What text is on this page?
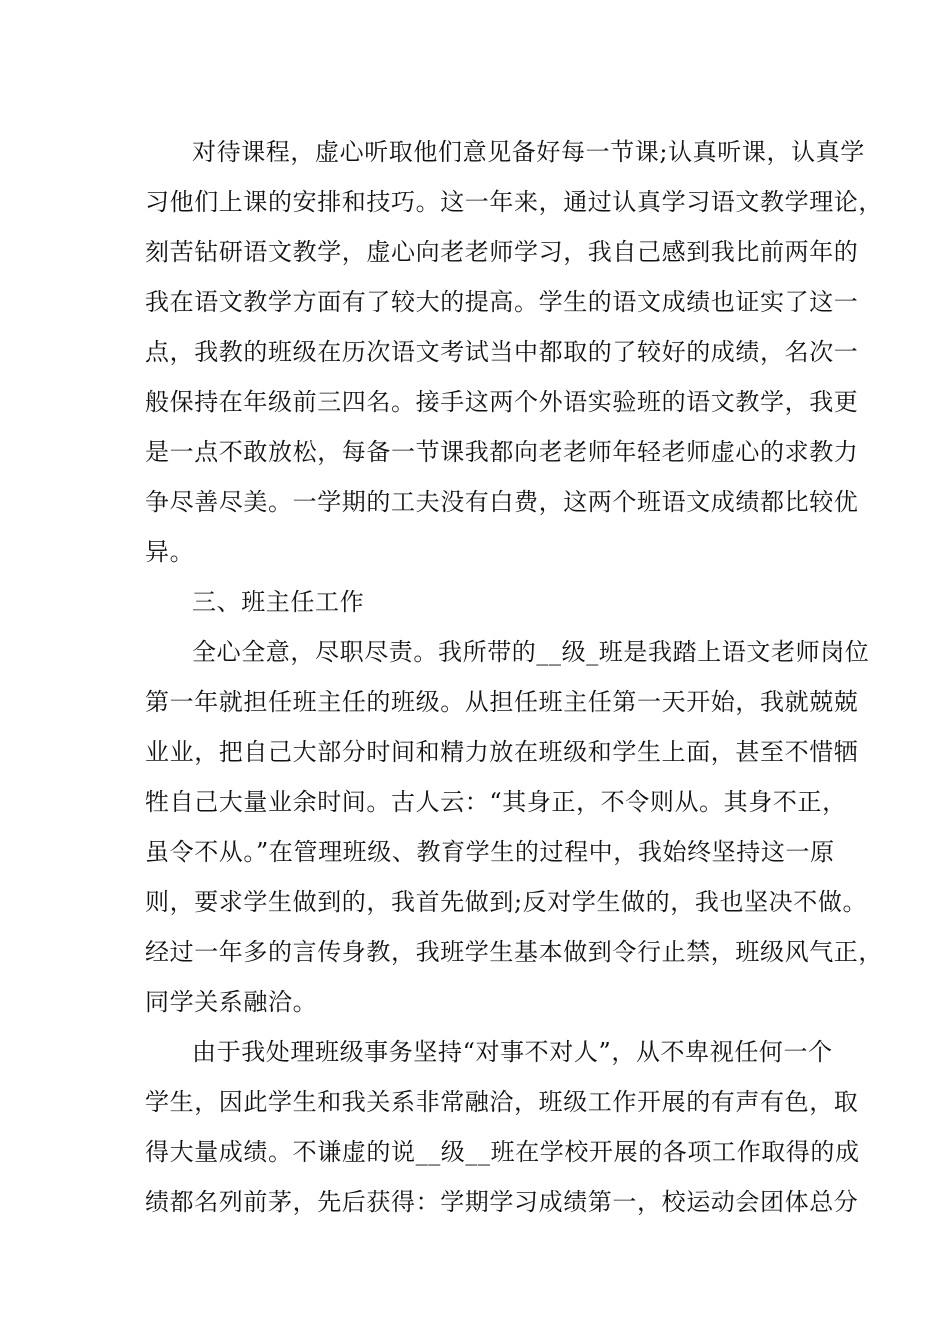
对待课程，虚心听取他们意见备好每一节课;认真听课，认真学
习他们上课的安排和技巧。这一年来，通过认真学习语文教学理论，
刻苦钻研语文教学，虚心向老老师学习，我自己感到我比前两年的
我在语文教学方面有了较大的提高。学生的语文成绩也证实了这一
点，我教的班级在历次语文考试当中都取的了较好的成绩，名次一
般保持在年级前三四名。接手这两个外语实验班的语文教学，我更
是一点不敢放松，每备一节课我都向老老师年轻老师虚心的求教力
争尽善尽美。一学期的工夫没有白费，这两个班语文成绩都比较优
异。
三、班主任工作
全心全意，尽职尽责。我所带的__级_班是我踏上语文老师岗位
第一年就担任班主任的班级。从担任班主任第一天开始，我就兢兢
业业，把自己大部分时间和精力放在班级和学生上面，甚至不惜牺
牲自己大量业余时间。古人云：“其身正，不令则从。其身不正，
虽令不从。”在管理班级、教育学生的过程中，我始终坚持这一原
则，要求学生做到的，我首先做到;反对学生做的，我也坚决不做。
经过一年多的言传身教，我班学生基本做到令行止禁，班级风气正，
同学关系融洽。
由于我处理班级事务坚持“对事不对人”，从不卑视任何一个
学生，因此学生和我关系非常融洽，班级工作开展的有声有色，取
得大量成绩。不谦虚的说__级__班在学校开展的各项工作取得的成
绩都名列前茅，先后获得：学期学习成绩第一，校运动会团体总分
